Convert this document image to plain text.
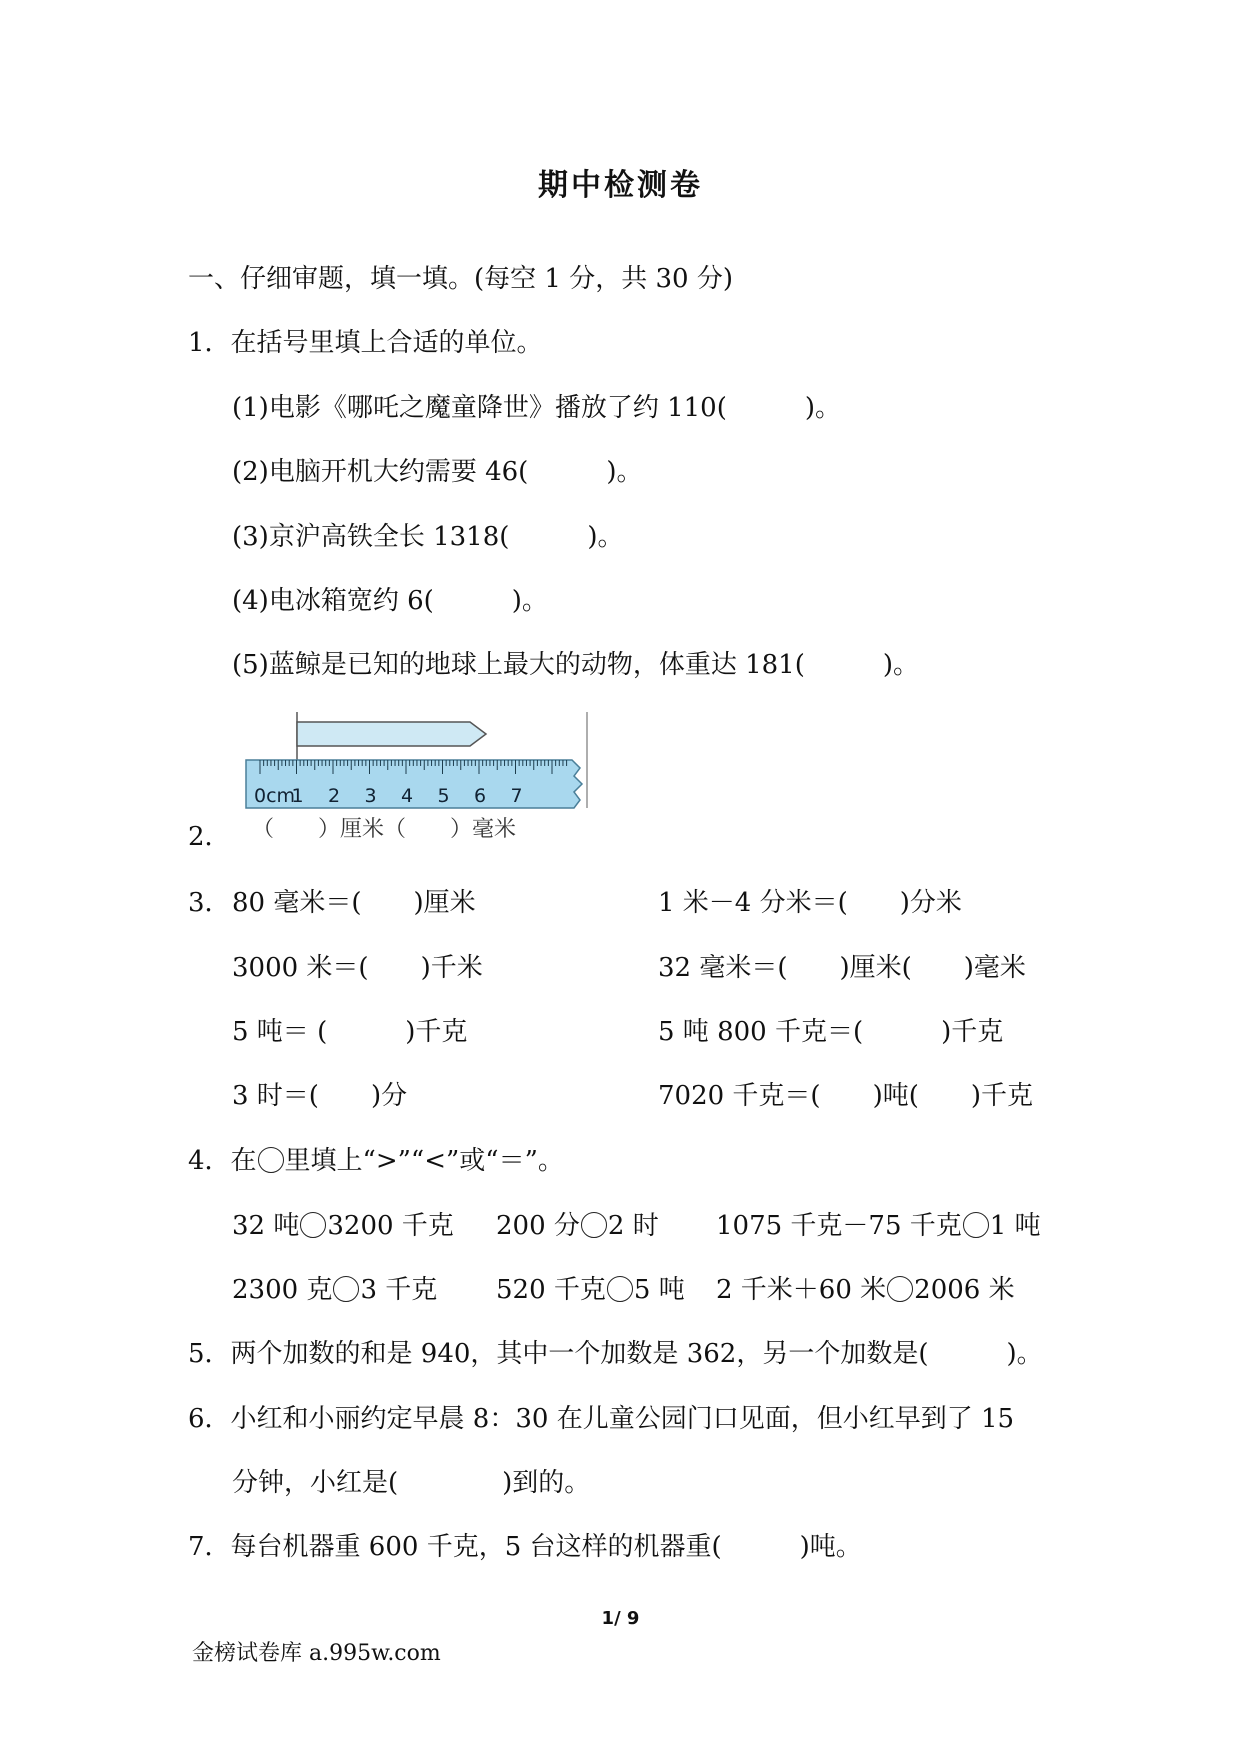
期中检测卷
一、仔细审题，填一填。(每空 1 分，共 30 分)
1．在括号里填上合适的单位。
(1)电影《哪吒之魔童降世》播放了约 110(　　　)。
(2)电脑开机大约需要 46(　　　)。
(3)京沪高铁全长 1318(　　　)。
(4)电冰箱宽约 6(　　　)。
(5)蓝鲸是已知的地球上最大的动物，体重达 181(　　　)。
2．
0cm
1 2 3 4 5 6 7
（　　）厘米（　　）毫米
3． 80 毫米＝(　　)厘米	1 米－4 分米＝(　　)分米
3000 米＝(　　)千米	32 毫米＝(　　)厘米(　　)毫米
5 吨＝ (　　　)千克	5 吨 800 千克＝(　　　)千克
3 时＝(　　)分	7020 千克＝(　　)吨(　　)千克
4．在 里填上“>”“<”或“＝”。
32 吨 3200 千克 200 分 2 时 1075 千克－75 千克 1 吨
2300 克 3 千克 520 千克 5 吨 2 千米＋60 米 2006 米
5．两个加数的和是 940，其中一个加数是 362，另一个加数是(　　　)。
6．小红和小丽约定早晨 8：30 在儿童公园门口见面，但小红早到了 15
分钟，小红是(　　　　)到的。
7．每台机器重 600 千克，5 台这样的机器重(　　　)吨。
1/ 9
金榜试卷库 a.995w.com
